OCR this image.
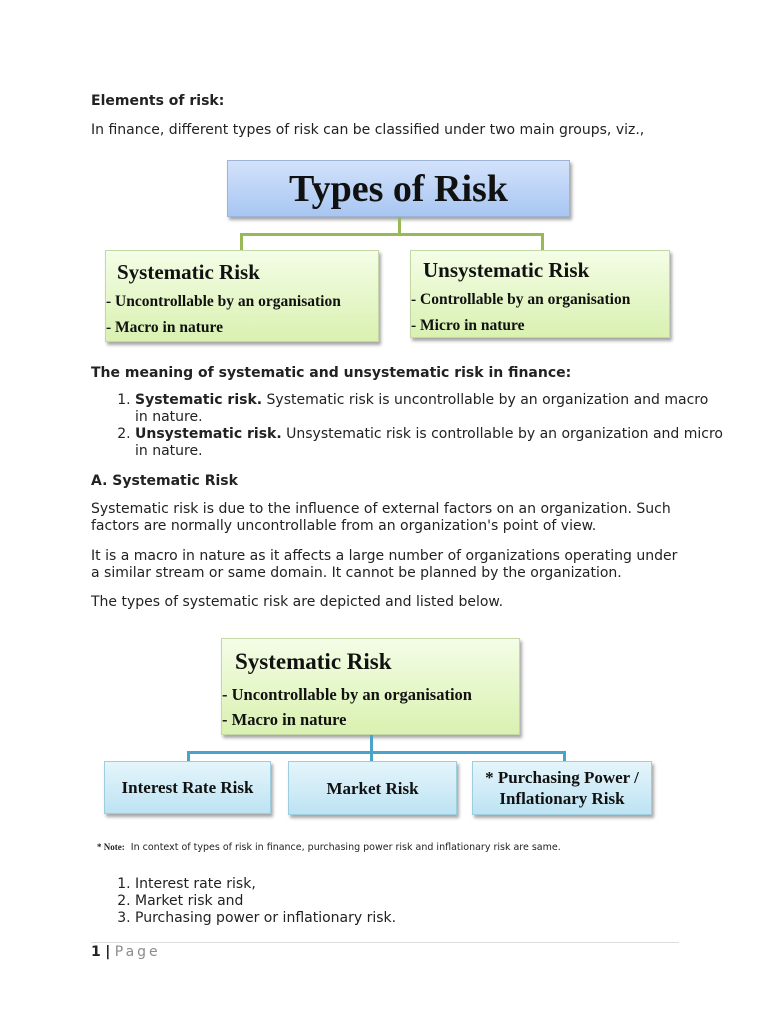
Elements of risk:

In finance, different types of risk can be classified under two main groups, viz.,

Types of Risk
Systematic Risk
- Uncontrollable by an organisation
- Macro in nature
Unsystematic Risk
- Controllable by an organisation
- Micro in nature

The meaning of systematic and unsystematic risk in finance:

1. Systematic risk. Systematic risk is uncontrollable by an organization and macro in nature.
2. Unsystematic risk. Unsystematic risk is controllable by an organization and micro in nature.

A. Systematic Risk

Systematic risk is due to the influence of external factors on an organization. Such factors are normally uncontrollable from an organization's point of view.

It is a macro in nature as it affects a large number of organizations operating under a similar stream or same domain. It cannot be planned by the organization.

The types of systematic risk are depicted and listed below.

Systematic Risk
- Uncontrollable by an organisation
- Macro in nature
Interest Rate Risk	Market Risk
* Purchasing Power / Inflationary Risk
* Note: In context of types of risk in finance, purchasing power risk and inflationary risk are same.
1. Interest rate risk,
2. Market risk and
3. Purchasing power or inflationary risk.
1 | Page
